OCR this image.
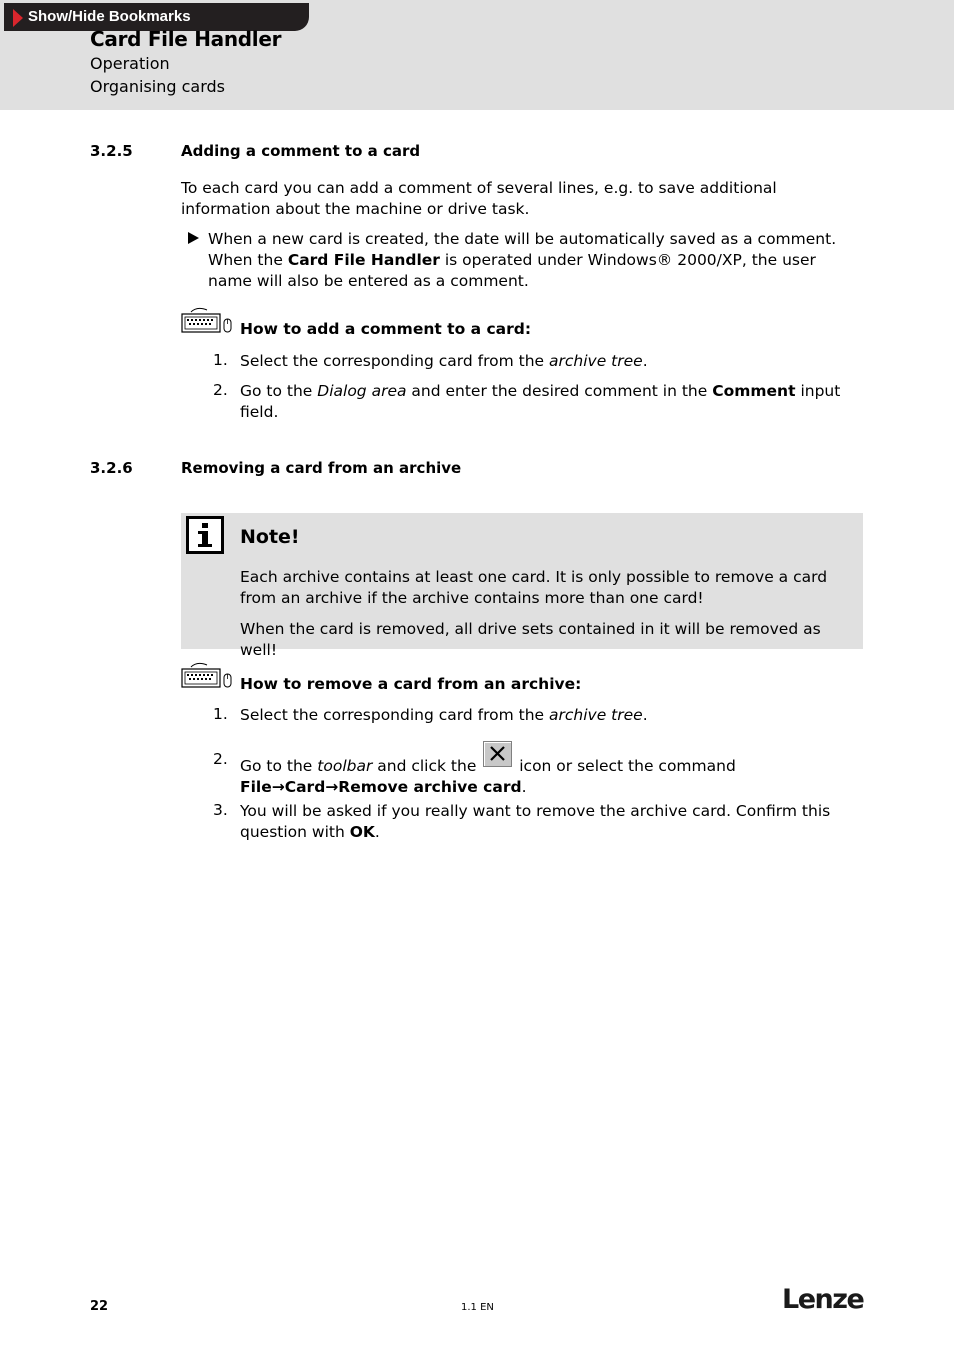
Show/Hide Bookmarks
Card File Handler
Operation
Organising cards
3.2.5	Adding a comment to a card
To each card you can add a comment of several lines, e.g. to save additional information about the machine or drive task.
When a new card is created, the date will be automatically saved as a comment. When the Card File Handler is operated under Windows® 2000/XP, the user name will also be entered as a comment.
How to add a comment to a card:
1. Select the corresponding card from the archive tree.
2. Go to the Dialog area and enter the desired comment in the Comment input field.
3.2.6	Removing a card from an archive
Note!
Each archive contains at least one card. It is only possible to remove a card from an archive if the archive contains more than one card!
When the card is removed, all drive sets contained in it will be removed as well!
How to remove a card from an archive:
1. Select the corresponding card from the archive tree.
2. Go to the toolbar and click the	icon or select the command
File→Card→Remove archive card.
3. You will be asked if you really want to remove the archive card. Confirm this question with OK.
22	1.1 EN	Lenze
